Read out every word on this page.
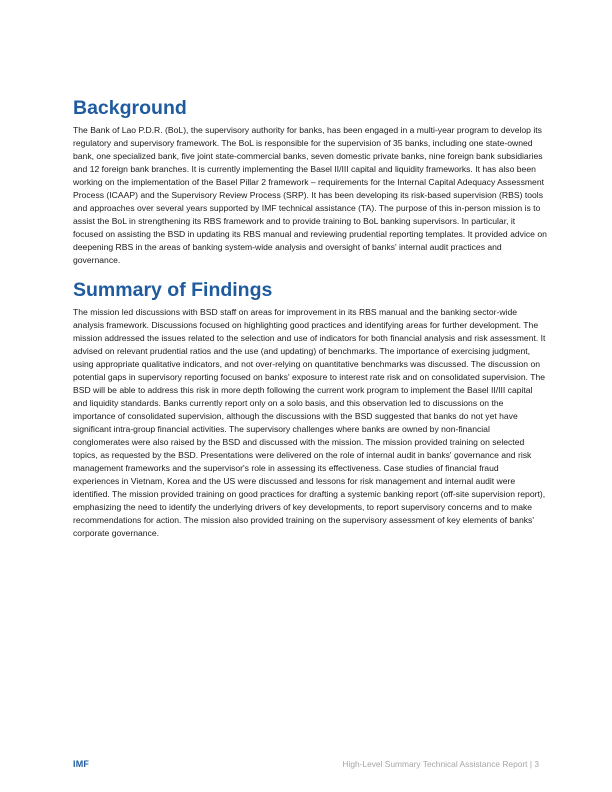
Background

The Bank of Lao P.D.R. (BoL), the supervisory authority for banks, has been engaged in a multi-year program to develop its regulatory and supervisory framework. The BoL is responsible for the supervision of 35 banks, including one state-owned bank, one specialized bank, five joint state-commercial banks, seven domestic private banks, nine foreign bank subsidiaries and 12 foreign bank branches. It is currently implementing the Basel II/III capital and liquidity frameworks. It has also been working on the implementation of the Basel Pillar 2 framework – requirements for the Internal Capital Adequacy Assessment Process (ICAAP) and the Supervisory Review Process (SRP). It has been developing its risk-based supervision (RBS) tools and approaches over several years supported by IMF technical assistance (TA). The purpose of this in-person mission is to assist the BoL in strengthening its RBS framework and to provide training to BoL banking supervisors. In particular, it focused on assisting the BSD in updating its RBS manual and reviewing prudential reporting templates. It provided advice on deepening RBS in the areas of banking system-wide analysis and oversight of banks' internal audit practices and governance.

Summary of Findings

The mission led discussions with BSD staff on areas for improvement in its RBS manual and the banking sector-wide analysis framework. Discussions focused on highlighting good practices and identifying areas for further development. The mission addressed the issues related to the selection and use of indicators for both financial analysis and risk assessment. It advised on relevant prudential ratios and the use (and updating) of benchmarks. The importance of exercising judgment, using appropriate qualitative indicators, and not over-relying on quantitative benchmarks was discussed. The discussion on potential gaps in supervisory reporting focused on banks' exposure to interest rate risk and on consolidated supervision. The BSD will be able to address this risk in more depth following the current work program to implement the Basel II/III capital and liquidity standards. Banks currently report only on a solo basis, and this observation led to discussions on the importance of consolidated supervision, although the discussions with the BSD suggested that banks do not yet have significant intra-group financial activities. The supervisory challenges where banks are owned by non-financial conglomerates were also raised by the BSD and discussed with the mission. The mission provided training on selected topics, as requested by the BSD. Presentations were delivered on the role of internal audit in banks' governance and risk management frameworks and the supervisor's role in assessing its effectiveness. Case studies of financial fraud experiences in Vietnam, Korea and the US were discussed and lessons for risk management and internal audit were identified. The mission provided training on good practices for drafting a systemic banking report (off-site supervision report), emphasizing the need to identify the underlying drivers of key developments, to report supervisory concerns and to make recommendations for action. The mission also provided training on the supervisory assessment of key elements of banks' corporate governance.

IMF	High-Level Summary Technical Assistance Report | 3
